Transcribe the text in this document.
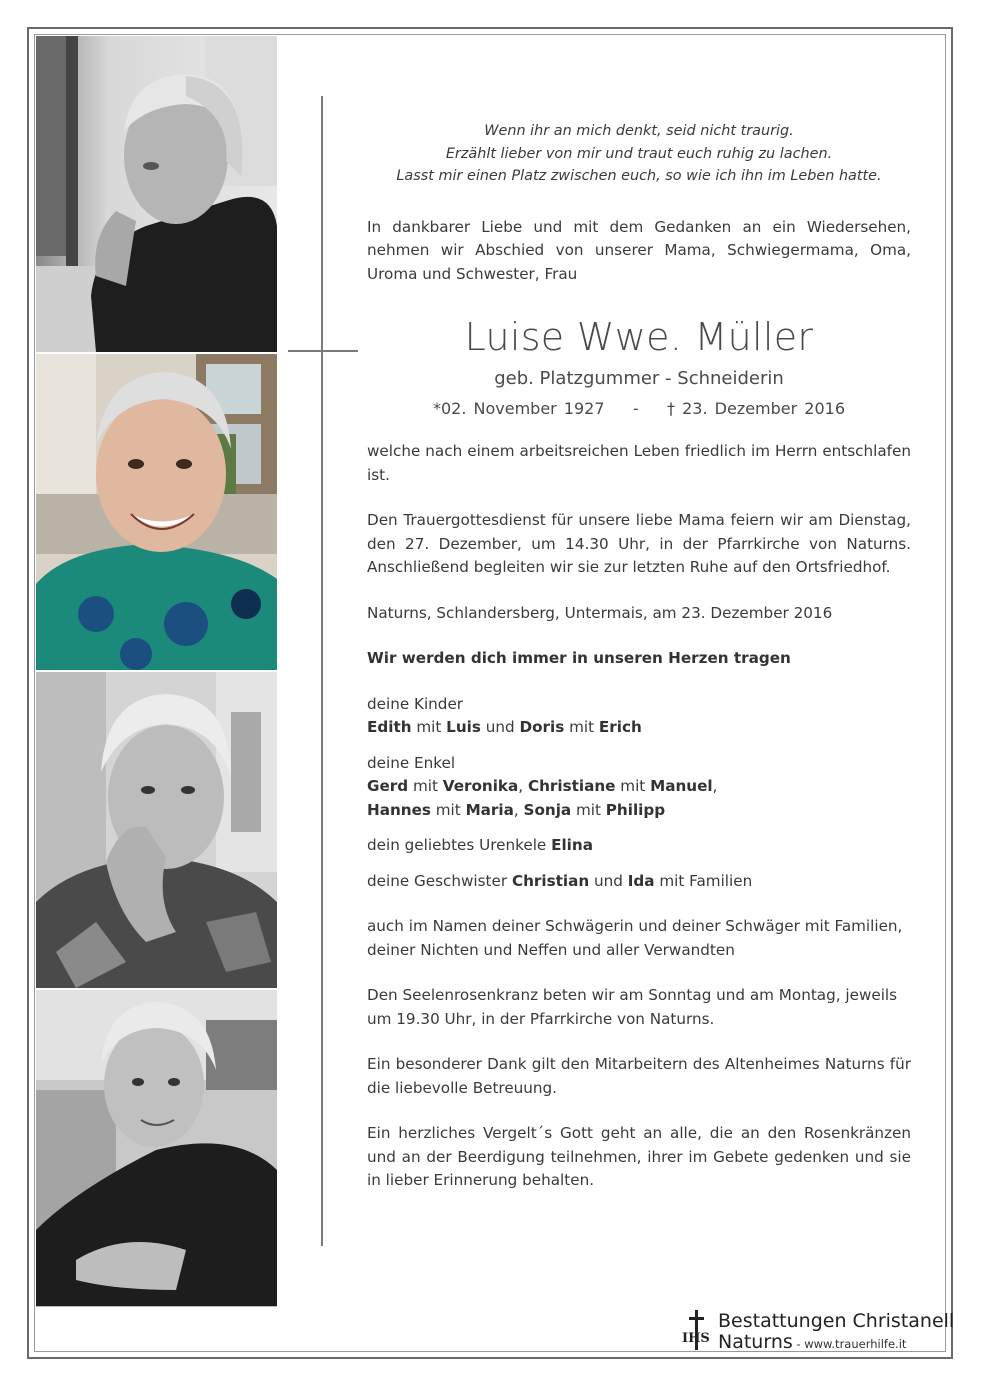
Wenn ihr an mich denkt, seid nicht traurig.
Erzählt lieber von mir und traut euch ruhig zu lachen.
Lasst mir einen Platz zwischen euch, so wie ich ihn im Leben hatte.

In dankbarer Liebe und mit dem Gedanken an ein Wiedersehen, nehmen wir Abschied von unserer Mama, Schwiegermama, Oma, Uroma und Schwester, Frau

Luise Wwe. Müller
geb. Platzgummer - Schneiderin
*02. November 1927 - † 23. Dezember 2016

welche nach einem arbeitsreichen Leben friedlich im Herrn entschlafen ist.

Den Trauergottesdienst für unsere liebe Mama feiern wir am Dienstag, den 27. Dezember, um 14.30 Uhr, in der Pfarrkirche von Naturns. Anschließend begleiten wir sie zur letzten Ruhe auf den Ortsfriedhof.

Naturns, Schlandersberg, Untermais, am 23. Dezember 2016

Wir werden dich immer in unseren Herzen tragen

deine Kinder

Edith mit Luis und Doris mit Erich

deine Enkel

Gerd mit Veronika, Christiane mit Manuel,

Hannes mit Maria, Sonja mit Philipp

dein geliebtes Urenkele Elina

deine Geschwister Christian und Ida mit Familien

auch im Namen deiner Schwägerin und deiner Schwäger mit Familien, deiner Nichten und Neffen und aller Verwandten

Den Seelenrosenkranz beten wir am Sonntag und am Montag, jeweils um 19.30 Uhr, in der Pfarrkirche von Naturns.

Ein besonderer Dank gilt den Mitarbeitern des Altenheimes Naturns für die liebevolle Betreuung.

Ein herzliches Vergelt´s Gott geht an alle, die an den Rosenkränzen und an der Beerdigung teilnehmen, ihrer im Gebete gedenken und sie in lieber Erinnerung behalten.

IHS
Bestattungen Christanell
Naturns - www.trauerhilfe.it
